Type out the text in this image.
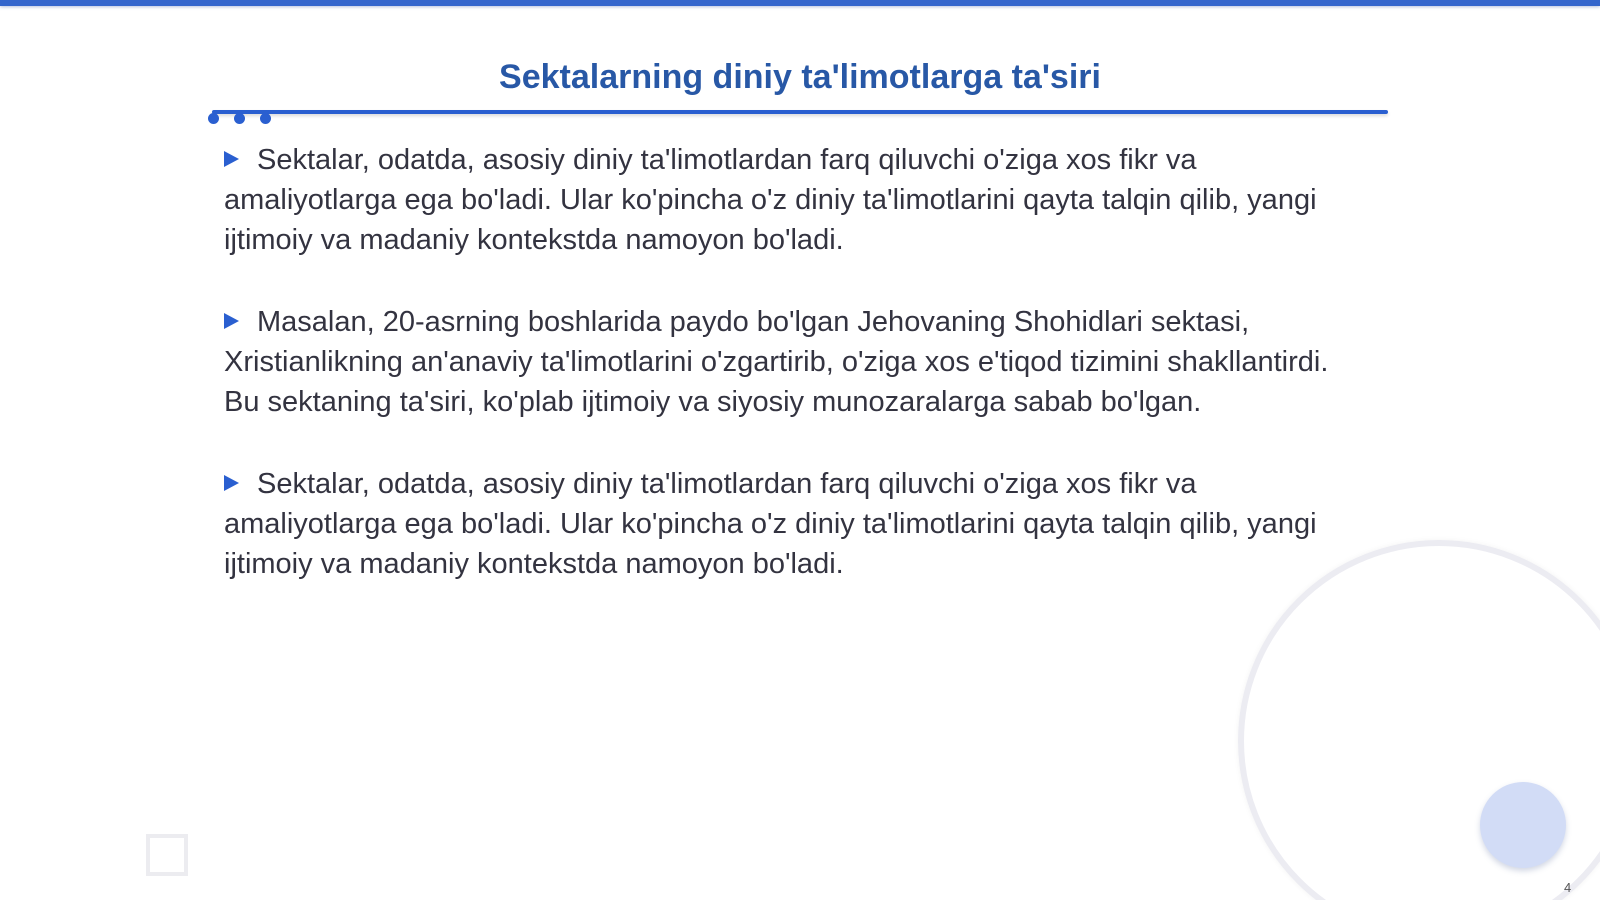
Sektalarning diniy ta'limotlarga ta'siri

Sektalar, odatda, asosiy diniy ta'limotlardan farq qiluvchi o'ziga xos fikr va amaliyotlarga ega bo'ladi. Ular ko'pincha o'z diniy ta'limotlarini qayta talqin qilib, yangi ijtimoiy va madaniy kontekstda namoyon bo'ladi.

Masalan, 20-asrning boshlarida paydo bo'lgan Jehovaning Shohidlari sektasi, Xristianlikning an'anaviy ta'limotlarini o'zgartirib, o'ziga xos e'tiqod tizimini shakllantirdi. Bu sektaning ta'siri, ko'plab ijtimoiy va siyosiy munozaralarga sabab bo'lgan.

Sektalar, odatda, asosiy diniy ta'limotlardan farq qiluvchi o'ziga xos fikr va amaliyotlarga ega bo'ladi. Ular ko'pincha o'z diniy ta'limotlarini qayta talqin qilib, yangi ijtimoiy va madaniy kontekstda namoyon bo'ladi.

4
